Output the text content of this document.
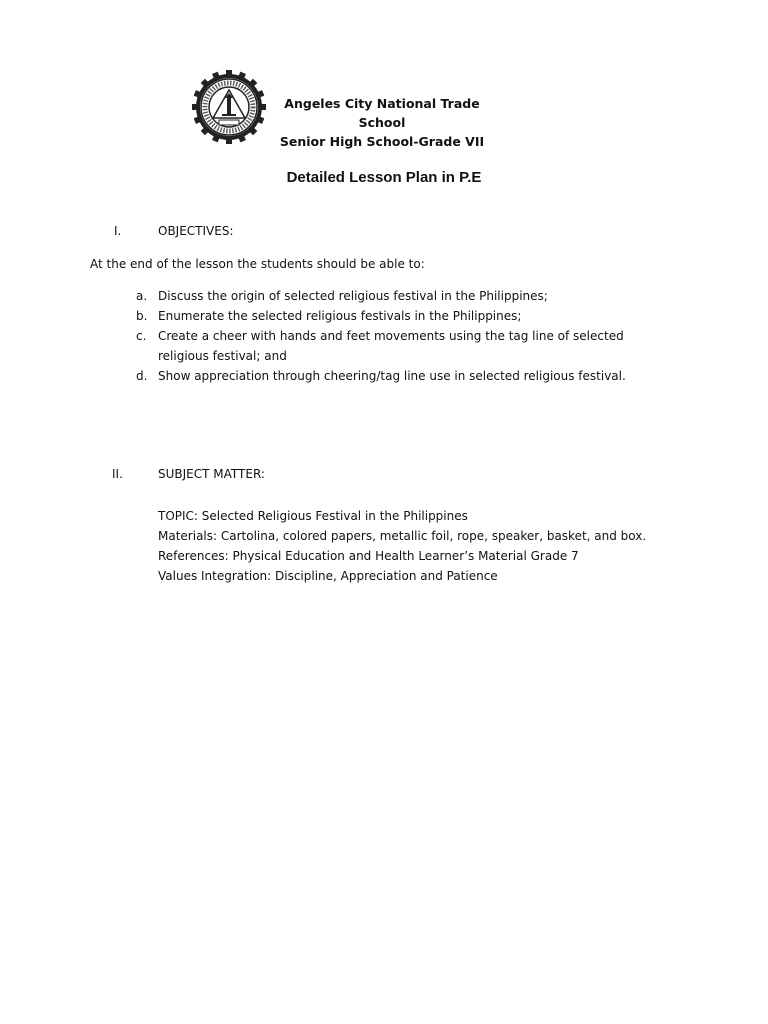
Angeles City National Trade School
Senior High School-Grade VII
Detailed Lesson Plan in P.E
I.	OBJECTIVES:
At the end of the lesson the students should be able to:
a. Discuss the origin of selected religious festival in the Philippines;
b. Enumerate the selected religious festivals in the Philippines;
c. Create a cheer with hands and feet movements using the tag line of selected religious festival; and
d. Show appreciation through cheering/tag line use in selected religious festival.
II.	SUBJECT MATTER:
TOPIC: Selected Religious Festival in the Philippines
Materials: Cartolina, colored papers, metallic foil, rope, speaker, basket, and box.
References: Physical Education and Health Learner’s Material Grade 7
Values Integration: Discipline, Appreciation and Patience
